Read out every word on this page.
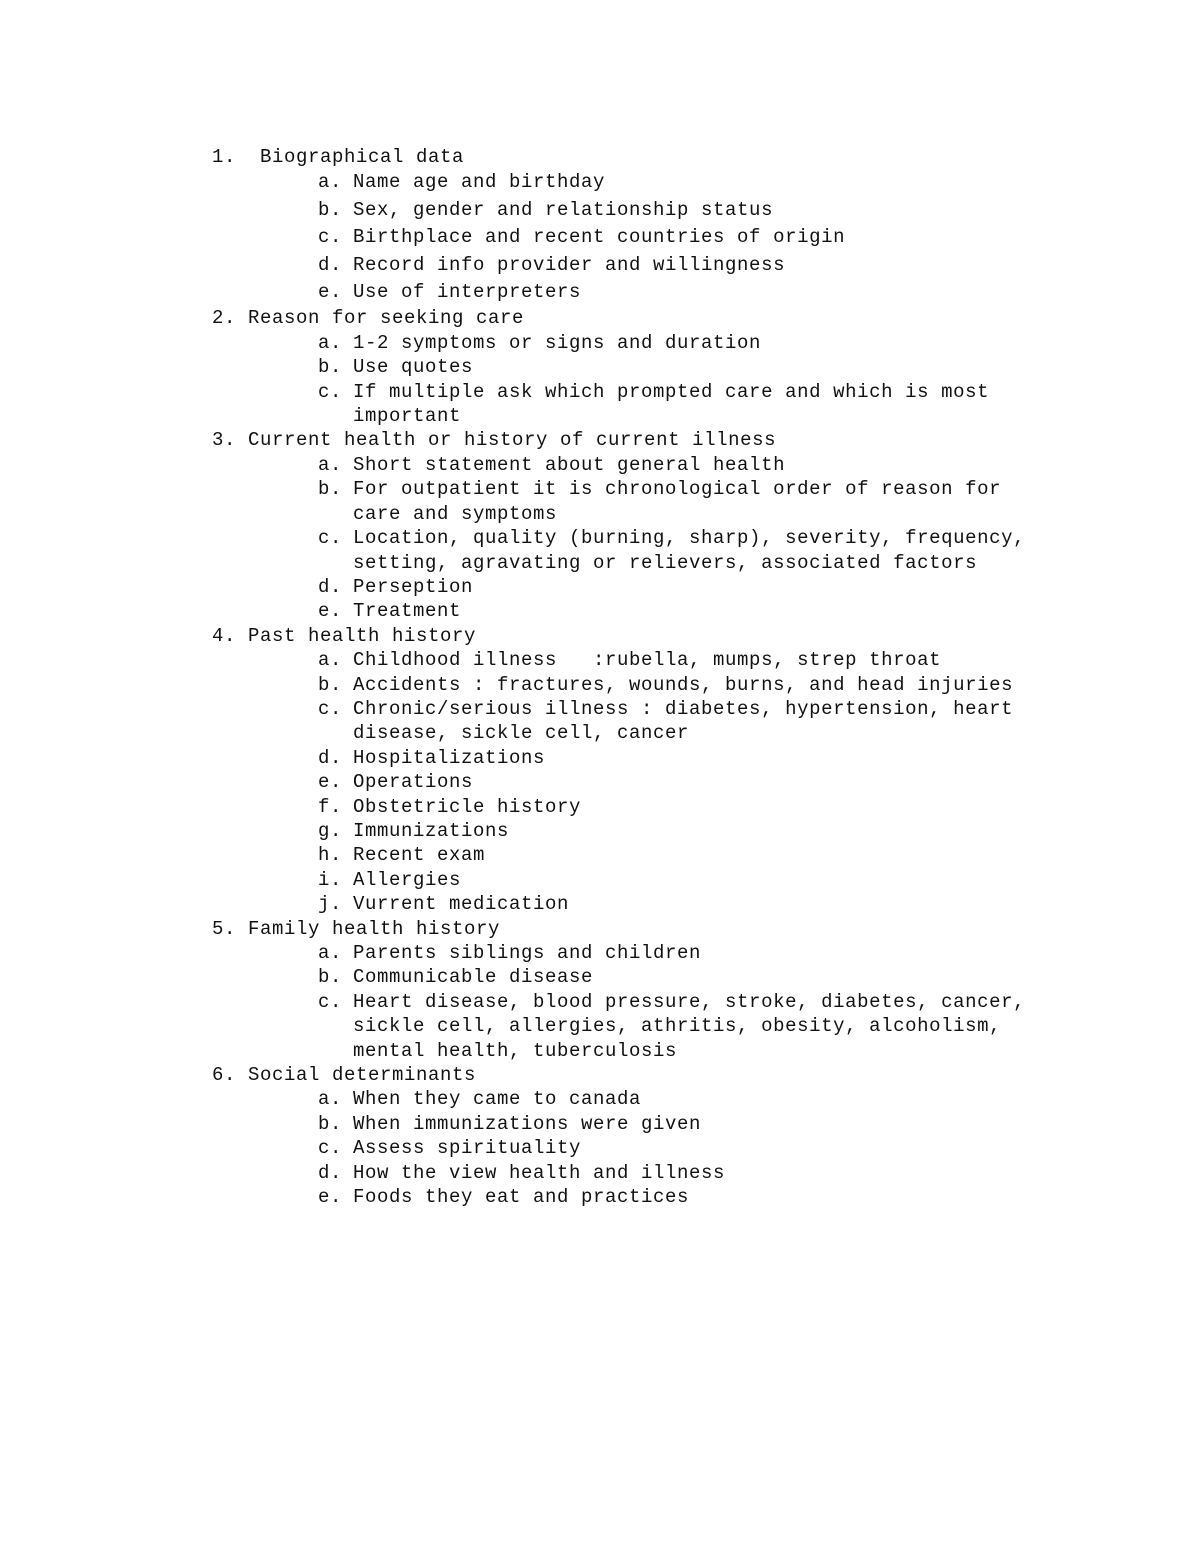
1.	Biographical data
a. Name age and birthday
b. Sex, gender and relationship status
c. Birthplace and recent countries of origin
d. Record info provider and willingness
e. Use of interpreters
2. Reason for seeking care
a. 1-2 symptoms or signs and duration
b. Use quotes
c. If multiple ask which prompted care and which is most important
3. Current health or history of current illness
a. Short statement about general health
b. For outpatient it is chronological order of reason for care and symptoms
c. Location, quality (burning, sharp), severity, frequency, setting, agravating or relievers, associated factors
d. Perseption
e. Treatment
4. Past health history
a. Childhood illness   :rubella, mumps, strep throat
b. Accidents : fractures, wounds, burns, and head injuries
c. Chronic/serious illness : diabetes, hypertension, heart disease, sickle cell, cancer
d. Hospitalizations
e. Operations
f. Obstetricle history
g. Immunizations
h. Recent exam
i. Allergies
j. Vurrent medication
5. Family health history
a. Parents siblings and children
b. Communicable disease
c. Heart disease, blood pressure, stroke, diabetes, cancer, sickle cell, allergies, athritis, obesity, alcoholism, mental health, tuberculosis
6. Social determinants
a. When they came to canada
b. When immunizations were given
c. Assess spirituality
d. How the view health and illness
e. Foods they eat and practices
